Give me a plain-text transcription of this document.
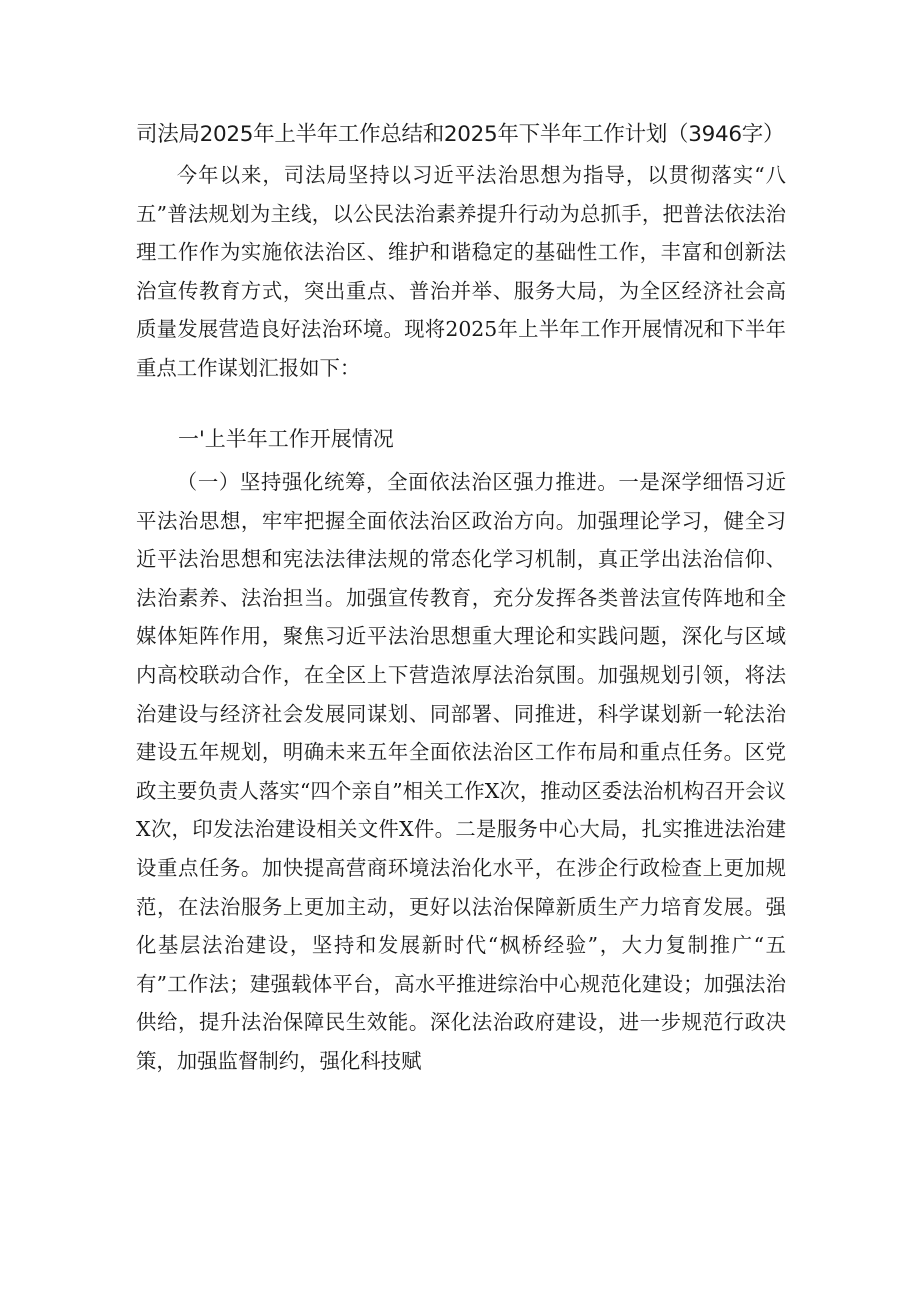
司法局2025年上半年工作总结和2025年下半年工作计划（3946字）

今年以来，司法局坚持以习近平法治思想为指导，以贯彻落实“八五”普法规划为主线，以公民法治素养提升行动为总抓手，把普法依法治理工作作为实施依法治区、维护和谐稳定的基础性工作，丰富和创新法治宣传教育方式，突出重点、普治并举、服务大局，为全区经济社会高质量发展营造良好法治环境。现将2025年上半年工作开展情况和下半年重点工作谋划汇报如下：

一'上半年工作开展情况

（一）坚持强化统筹，全面依法治区强力推进。一是深学细悟习近平法治思想，牢牢把握全面依法治区政治方向。加强理论学习，健全习近平法治思想和宪法法律法规的常态化学习机制，真正学出法治信仰、法治素养、法治担当。加强宣传教育，充分发挥各类普法宣传阵地和全媒体矩阵作用，聚焦习近平法治思想重大理论和实践问题，深化与区域内高校联动合作，在全区上下营造浓厚法治氛围。加强规划引领，将法治建设与经济社会发展同谋划、同部署、同推进，科学谋划新一轮法治建设五年规划，明确未来五年全面依法治区工作布局和重点任务。区党政主要负责人落实“四个亲自”相关工作X次，推动区委法治机构召开会议X次，印发法治建设相关文件X件。二是服务中心大局，扎实推进法治建设重点任务。加快提高营商环境法治化水平，在涉企行政检查上更加规范，在法治服务上更加主动，更好以法治保障新质生产力培育发展。强化基层法治建设，坚持和发展新时代“枫桥经验”，大力复制推广“五有”工作法；建强载体平台，高水平推进综治中心规范化建设；加强法治供给，提升法治保障民生效能。深化法治政府建设，进一步规范行政决策，加强监督制约，强化科技赋
